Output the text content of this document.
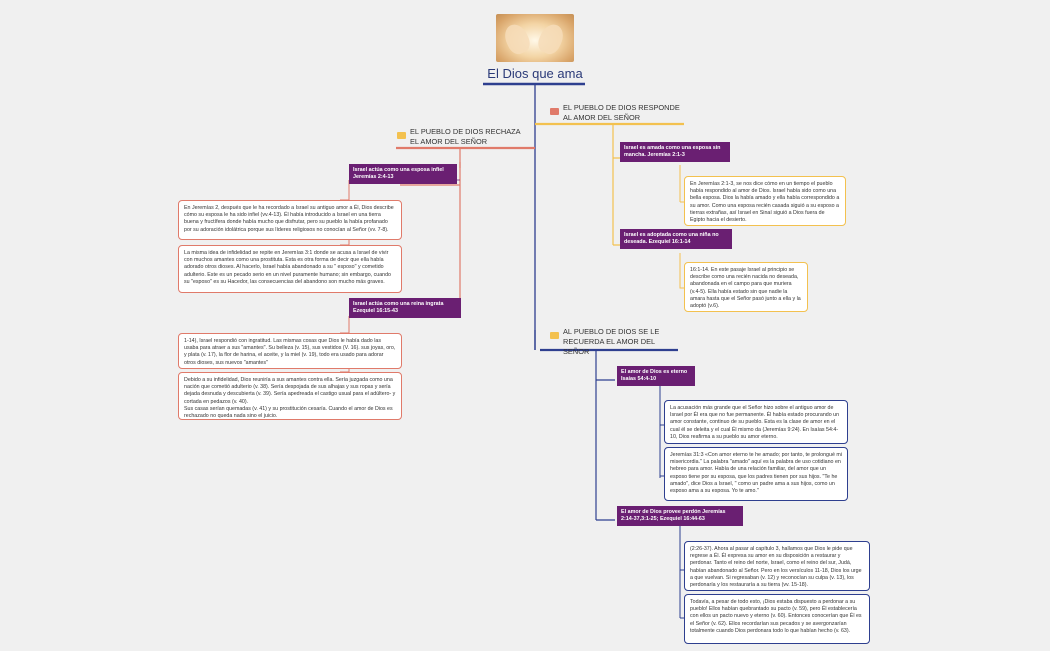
El Dios que ama
EL PUEBLO DE DIOS RECHAZA EL AMOR DEL SEÑOR
Israel actúa como una esposa infiel Jeremías 2:4-13
En Jeremías 2, después que le ha recordado a Israel su antiguo amor a Él, Dios describe cómo su esposa le ha sido infiel (vv.4-13). Él había introducido a Israel en una tierra buena y fructífera donde había mucho que disfrutar, pero su pueblo la había profanado por su adoración idolátrica porque sus líderes religiosos no conocían al Señor (vv. 7-8).
La misma idea de infidelidad se repite en Jeremías 3:1 donde se acusa a Israel de vivir con muchos amantes como una prostituta. Esta es otra forma de decir que ella había adorado otros dioses. Al hacerlo, Israel había abandonado a su " esposo" y cometido adulterio. Este es un pecado serio en un nivel puramente humano; sin embargo, cuando su "esposo" es su Hacedor, las consecuencias del abandono son mucho más graves.
Israel actúa como una reina ingrata Ezequiel 16:15-43
1-14), Israel respondió con ingratitud. Las mismas cosas que Dios le había dado las usaba para atraer a sus "amantes". Su belleza (v. 15), sus vestidos (V. 16). sus joyas, oro, y plata (v. 17), la flor de harina, el aceite, y la miel (v. 19), todo era usado para adorar otros dioses, sus nuevos "amantes"
Debido a su infidelidad, Dios reuniría a sus amantes contra ella. Sería juzgada como una nación que cometió adulterio (v. 38). Sería despojada de sus alhajas y sus ropas y sería dejada desnuda y descubierta (v. 39). Sería apedreada el castigo usual para el adúltero- y cortada en pedazos (v. 40).
Sus casas serían quemadas (v. 41) y su prostitución cesaría. Cuando el amor de Dios es rechazado no queda nada sino el juicio.
EL PUEBLO DE DIOS RESPONDE AL AMOR DEL SEÑOR
Israel es amada como una esposa sin mancha. Jeremías 2:1-3
En Jeremías 2:1-3, se nos dice cómo en un tiempo el pueblo había respondido al amor de Dios. Israel había sido como una bella esposa. Dios la había amado y ella había correspondido a su amor. Como una esposa recién casada siguió a su esposo a tierras extrañas, así Israel en Sinaí siguió a Dios fuera de Egipto hacia el desierto.
Israel es adoptada como una niña no deseada. Ezequiel 16:1-14
16:1-14. En este pasaje Israel al principio se describe como una recién nacida no deseada, abandonada en el campo para que muriera (v.4-5). Ella había estado sin que nadie la amara hasta que el Señor pasó junto a ella y la adoptó (v.6).
AL PUEBLO DE DIOS SE LE RECUERDA EL AMOR DEL SEÑOR
El amor de Dios es eterno Isaías 54:4-10
La acusación más grande que el Señor hizo sobre el antiguo amor de Israel por Él era que no fue permanente. Él había estado procurando un amor constante, continuo de su pueblo. Esta es la clase de amor en el cual él se deleita y el cual Él mismo da (Jeremías 9:24). En Isaías 54:4-10, Dios reafirma a su pueblo su amor eterno.
Jeremías 31:3 «Con amor eterno te he amado; por tanto, te prolongué mi misericordia." La palabra "amado" aquí es la palabra de uso cotidiano en hebreo para amor. Había de una relación familiar, del amor que un esposo tiene por su esposa, que los padres tienen por sus hijos. "Te he amado", dice Dios a Israel, " como un padre ama a sus hijos, como un esposo ama a su esposa. Yo te amo."
El amor de Dios provee perdón Jeremías 2:14-37,3:1-25; Ezequiel 16:44-63
(2:26-37). Ahora al pasar al capítulo 3, hallamos que Dios le pide que regrese a Él. Él expresa su amor en su disposición a restaurar y perdonar. Tanto el reino del norte, Israel, como el reino del sur, Judá, habían abandonado al Señor. Pero en los versículos 11-18, Dios los urge a que vuelvan. Si regresaban (v. 12) y reconocían su culpa (v. 13), los perdonaría y los restauraría a su tierra (vv. 15-18).
Todavía, a pesar de todo esto, ¡Dios estaba dispuesto a perdonar a su pueblo! Ellos habían quebrantado su pacto (v. 59), pero Él establecería con ellos un pacto nuevo y eterno (v. 60). Entonces conocerían que Él es el Señor (v. 62). Ellos recordarían sus pecados y se avergonzarían totalmente cuando Dios perdonara todo lo que habían hecho (v. 63).
